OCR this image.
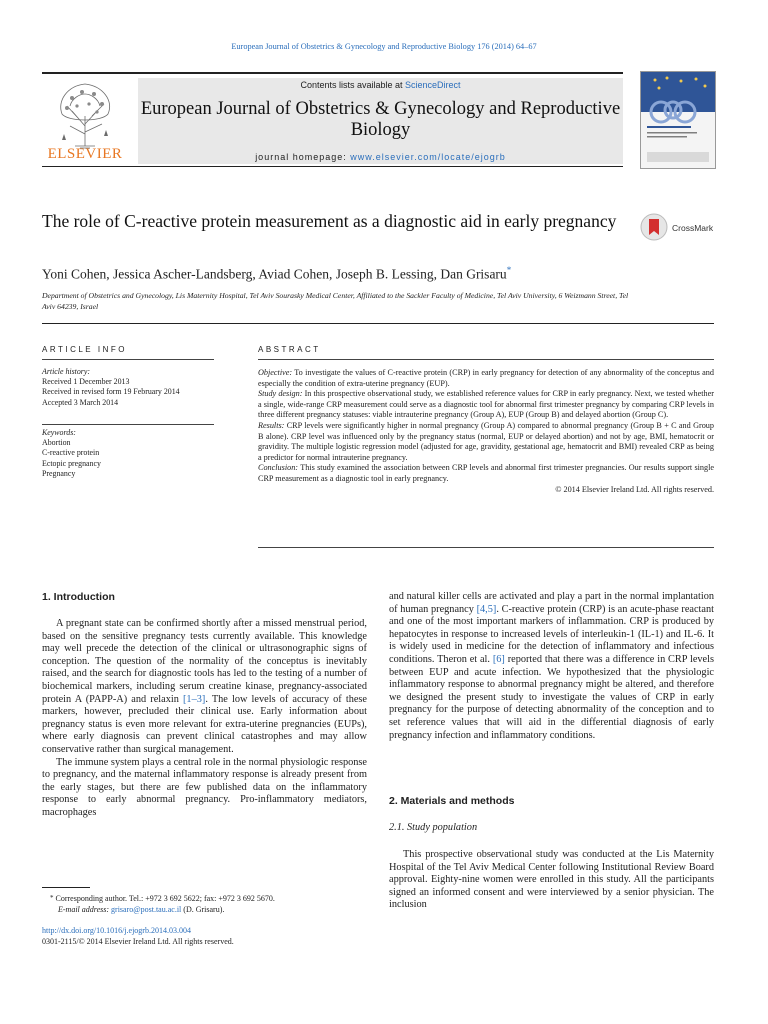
European Journal of Obstetrics & Gynecology and Reproductive Biology 176 (2014) 64–67
ELSEVIER
Contents lists available at ScienceDirect
European Journal of Obstetrics & Gynecology and Reproductive Biology
journal homepage: www.elsevier.com/locate/ejogrb
The role of C-reactive protein measurement as a diagnostic aid in early pregnancy	CrossMark
Yoni Cohen, Jessica Ascher-Landsberg, Aviad Cohen, Joseph B. Lessing, Dan Grisaru*
Department of Obstetrics and Gynecology, Lis Maternity Hospital, Tel Aviv Sourasky Medical Center, Affiliated to the Sackler Faculty of Medicine, Tel Aviv University, 6 Weizmann Street, Tel Aviv 64239, Israel
ARTICLE INFO
Article history:
Received 1 December 2013
Received in revised form 19 February 2014
Accepted 3 March 2014
Keywords:
Abortion
C-reactive protein
Ectopic pregnancy
Pregnancy
ABSTRACT

Objective: To investigate the values of C-reactive protein (CRP) in early pregnancy for detection of any abnormality of the conceptus and especially the condition of extra-uterine pregnancy (EUP).

Study design: In this prospective observational study, we established reference values for CRP in early pregnancy. Next, we tested whether a single, wide-range CRP measurement could serve as a diagnostic tool for abnormal first trimester pregnancy by comparing CRP levels in three different pregnancy statuses: viable intrauterine pregnancy (Group A), EUP (Group B) and delayed abortion (Group C).

Results: CRP levels were significantly higher in normal pregnancy (Group A) compared to abnormal pregnancy (Group B + C and Group B alone). CRP level was influenced only by the pregnancy status (normal, EUP or delayed abortion) and not by age, BMI, hematocrit or gravidity. The multiple logistic regression model (adjusted for age, gravidity, gestational age, hematocrit and BMI) revealed CRP as being a predictor for normal intrauterine pregnancy.

Conclusion: This study examined the association between CRP levels and abnormal first trimester pregnancies. Our results support single CRP measurement as a diagnostic tool in early pregnancy.

© 2014 Elsevier Ireland Ltd. All rights reserved.

1. Introduction

A pregnant state can be confirmed shortly after a missed menstrual period, based on the sensitive pregnancy tests currently available. This knowledge may well precede the detection of the clinical or ultrasonographic signs of conception. The question of the normality of the conceptus is inevitably raised, and the search for diagnostic tools has led to the testing of a number of biochemical markers, including serum creatine kinase, pregnancy-associated protein A (PAPP-A) and relaxin [1–3]. The low levels of accuracy of these markers, however, precluded their clinical use. Early information about pregnancy status is even more relevant for extra-uterine pregnancies (EUPs), where early diagnosis can prevent clinical catastrophes and may allow conservative rather than surgical management.

The immune system plays a central role in the normal physiologic response to pregnancy, and the maternal inflammatory response is already present from the early stages, but there are few published data on the inflammatory response to early abnormal pregnancy. Pro-inflammatory mediators, macrophages

and natural killer cells are activated and play a part in the normal implantation of human pregnancy [4,5]. C-reactive protein (CRP) is an acute-phase reactant and one of the most important markers of inflammation. CRP is produced by hepatocytes in response to increased levels of interleukin-1 (IL-1) and IL-6. It is widely used in medicine for the detection of inflammatory and infectious conditions. Theron et al. [6] reported that there was a difference in CRP levels between EUP and acute infection. We hypothesized that the physiologic inflammatory response to abnormal pregnancy might be altered, and therefore we designed the present study to investigate the values of CRP in early pregnancy for the purpose of detecting abnormality of the conception and to set reference values that will aid in the differential diagnosis of early pregnancy infection and inflammatory conditions.

2. Materials and methods
2.1. Study population

This prospective observational study was conducted at the Lis Maternity Hospital of the Tel Aviv Medical Center following Institutional Review Board approval. Eighty-nine women were enrolled in this study. All the participants signed an informed consent and were interviewed by a senior physician. The inclusion

* Corresponding author. Tel.: +972 3 692 5622; fax: +972 3 692 5670.
E-mail address: grisaro@post.tau.ac.il (D. Grisaru).
http://dx.doi.org/10.1016/j.ejogrb.2014.03.004
0301-2115/© 2014 Elsevier Ireland Ltd. All rights reserved.
